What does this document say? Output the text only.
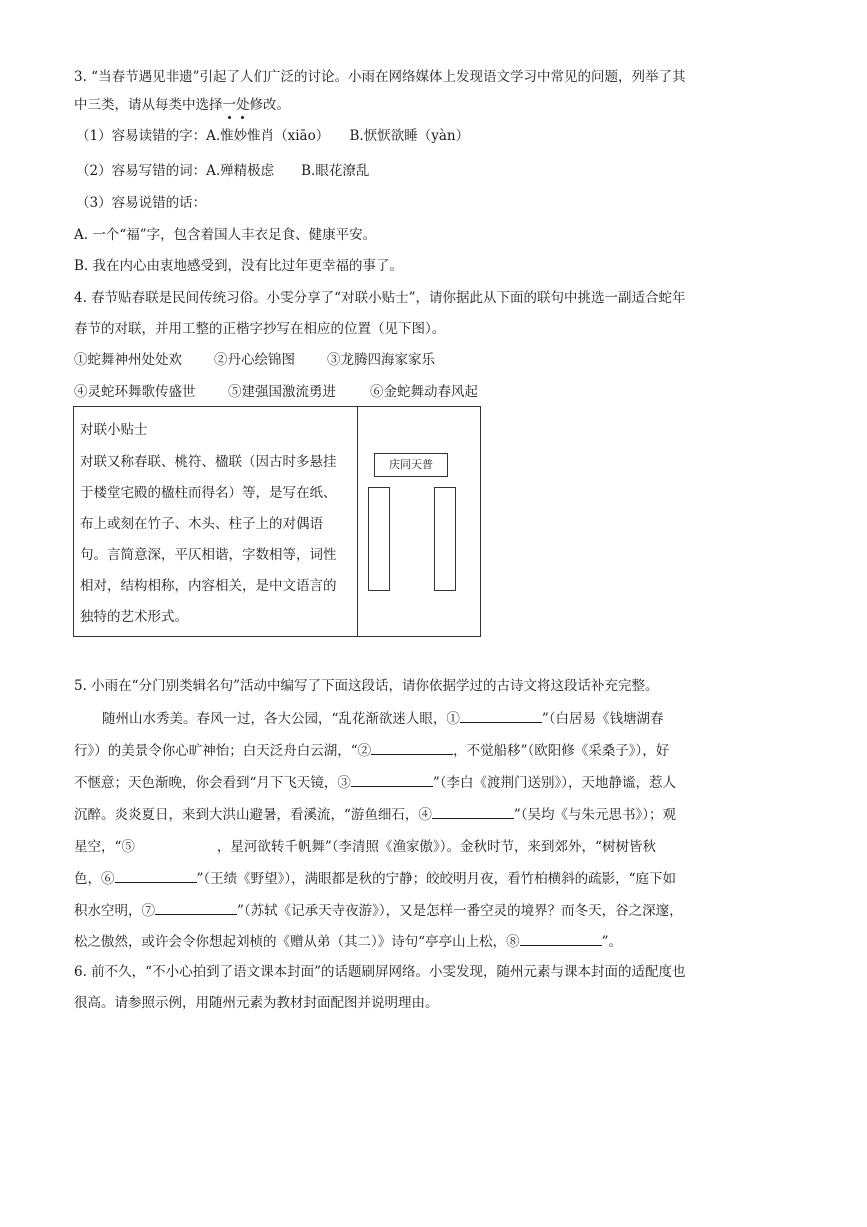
3. “当春节遇见非遗”引起了人们广泛的讨论。小雨在网络媒体上发现语文学习中常见的问题，列举了其
中三类，请从每类中选择一处修改。
（1）容易读错的字：A.惟妙惟肖（xiāo）　　B.恹恹欲睡（yàn）
（2）容易写错的词：A.殚精极虑　　B.眼花潦乱
（3）容易说错的话：
A. 一个“福”字，包含着国人丰衣足食、健康平安。
B. 我在内心由衷地感受到，没有比过年更幸福的事了。
4. 春节贴春联是民间传统习俗。小雯分享了“对联小贴士”，请你据此从下面的联句中挑选一副适合蛇年
春节的对联，并用工整的正楷字抄写在相应的位置（见下图）。
①蛇舞神州处处欢 ②丹心绘锦图 ③龙腾四海家家乐
④灵蛇环舞歌传盛世 ⑤建强国激流勇进	⑥金蛇舞动春风起
对联小贴士
对联又称春联、桃符、楹联（因古时多悬挂
于楼堂宅殿的楹柱而得名）等，是写在纸、
布上或刻在竹子、木头、柱子上的对偶语
句。言简意深，平仄相谐，字数相等，词性
相对，结构相称，内容相关，是中文语言的
独特的艺术形式。
庆同天普
5. 小雨在“分门别类辑名句”活动中编写了下面这段话，请你依据学过的古诗文将这段话补充完整。
随州山水秀美。春风一过，各大公园，“乱花渐欲迷人眼，①	”（白居易《钱塘湖春
行》）的美景令你心旷神怡；白天泛舟白云湖，“②	，不觉船移”（欧阳修《采桑子》），好
不惬意；天色渐晚，你会看到“月下飞天镜，③	”（李白《渡荆门送别》），天地静谧，惹人
沉醉。炎炎夏日，来到大洪山避暑，看溪流，“游鱼细石，④	”（吴均《与朱元思书》）；观
星空，“⑤	，星河欲转千帆舞”（李清照《渔家傲》）。金秋时节，来到郊外，“树树皆秋
色，⑥	”（王绩《野望》），满眼都是秋的宁静；皎皎明月夜，看竹柏横斜的疏影，“庭下如
积水空明，⑦	”（苏轼《记承天寺夜游》），又是怎样一番空灵的境界？而冬天，谷之深邃，
松之傲然，或许会令你想起刘桢的《赠从弟（其二）》诗句“亭亭山上松，⑧	”。
6. 前不久，“不小心拍到了语文课本封面”的话题刷屏网络。小雯发现，随州元素与课本封面的适配度也
很高。请参照示例，用随州元素为教材封面配图并说明理由。
